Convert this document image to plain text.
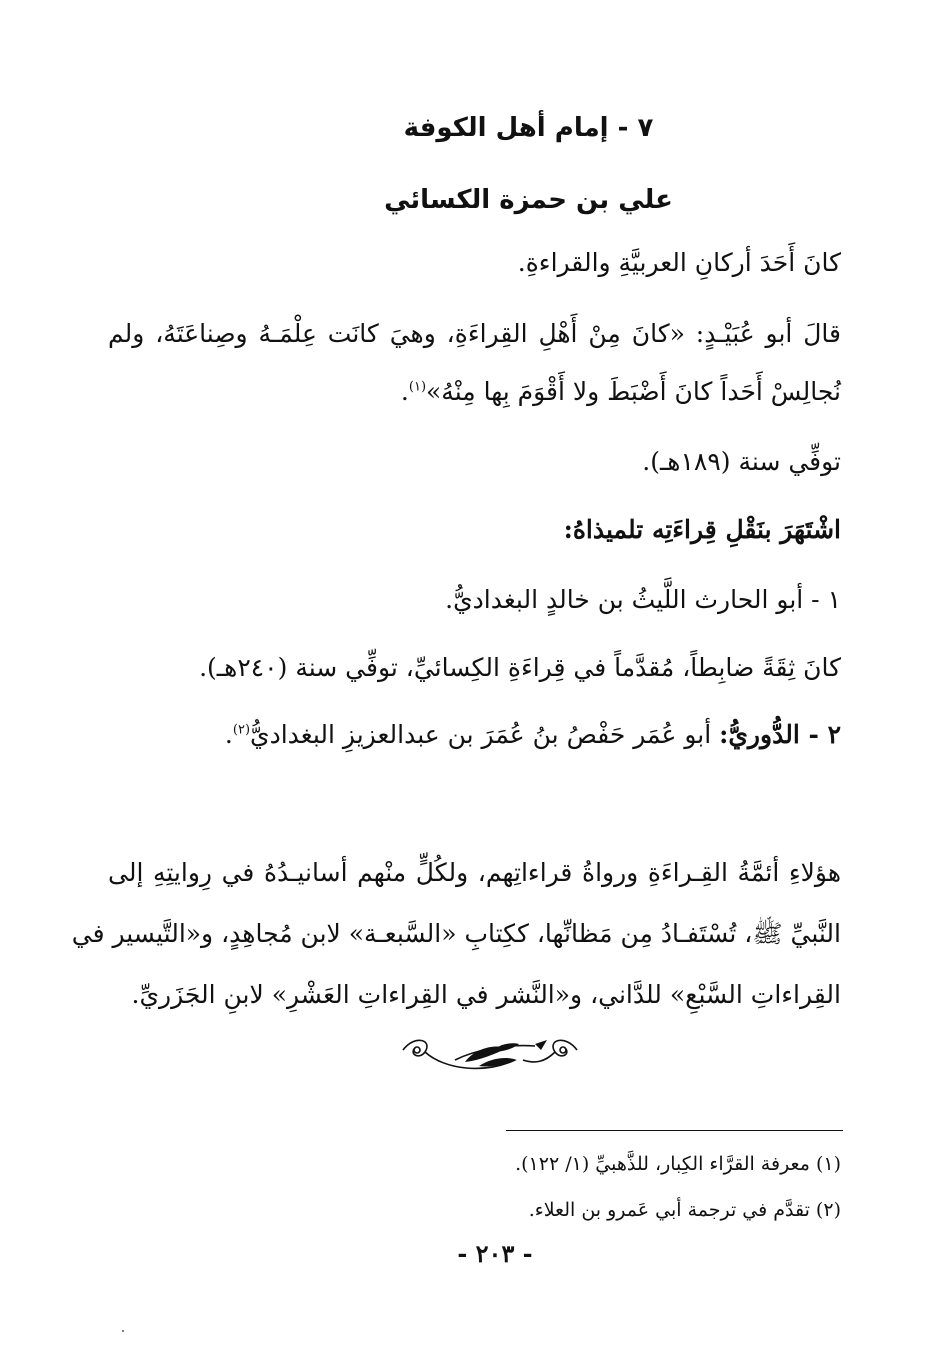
٧ - إمام أهل الكوفة
علي بن حمزة الكسائي
كانَ أَحَدَ أركانِ العربيَّةِ والقراءةِ.
قالَ أبو عُبَيْـدٍ: «كانَ مِنْ أَهْلِ القِراءَةِ، وهيَ كانَت عِلْمَـهُ وصِناعَتَهُ، ولم
نُجالِسْ أَحَداً كانَ أَضْبَطَ ولا أَقْوَمَ بِها مِنْهُ»$^{(١)}$.
توفِّي سنة (١٨٩هـ).
اشْتَهَرَ بنَقْلِ قِراءَتِه تلميذاهُ:
١ - أبو الحارث اللَّيثُ بن خالدٍ البغداديُّ.
كانَ ثِقَةً ضابِطاً، مُقدَّماً في قِراءَةِ الكِسائيِّ، توفِّي سنة (٢٤٠هـ).
٢ - الدُّوريُّ: أبو عُمَر حَفْصُ بنُ عُمَرَ بن عبدالعزيزِ البغداديُّ$^{(٢)}$.
هؤلاءِ أئمَّةُ القِـراءَةِ ورواةُ قراءاتِهم، ولكُلٍّ منْهم أسانيـدُهُ في رِوايتِهِ إلى
النَّبيِّ ﷺ، تُسْتَفـادُ مِن مَظانِّها، ككِتابِ «السَّبعـة» لابن مُجاهِدٍ، و«التَّيسير في
القِراءاتِ السَّبْعِ» للدَّاني، و«النَّشر في القِراءاتِ العَشْرِ» لابنِ الجَزَريِّ.
(١) معرفة القرَّاء الكِبار، للذَّهبيِّ (١/ ١٢٢).
(٢) تقدَّم في ترجمة أبي عَمرو بن العلاء.
- ٢٠٣ -
